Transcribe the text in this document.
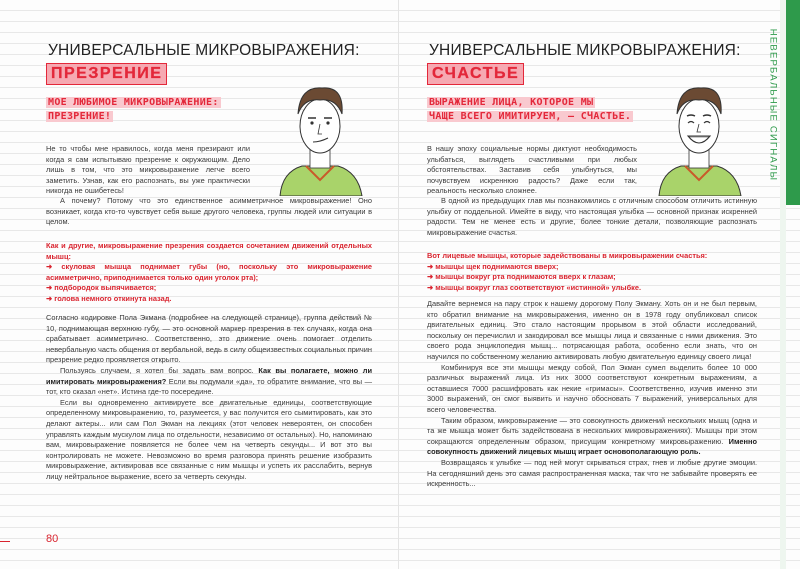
УНИВЕРСАЛЬНЫЕ МИКРОВЫРАЖЕНИЯ:
ПРЕЗРЕНИЕ
МОЕ ЛЮБИМОЕ МИКРОВЫРАЖЕНИЕ:
ПРЕЗРЕНИЕ!

Не то чтобы мне нравилось, когда меня презирают или когда я сам испытываю презрение к окружающим. Дело лишь в том, что это микровыражение легче всего заметить. Узнав, как его распознать, вы уже практически никогда не ошибетесь!

А почему? Потому что это единственное асимметричное микровыражение! Оно возникает, когда кто-то чувствует себя выше другого человека, группы людей или ситуации в целом.

Как и другие, микровыражение презрения создается сочетанием движений отдельных мышц:

➜ скуловая мышца поднимает губы (но, поскольку это микровыражение асимметрично, приподнимается только один уголок рта);

➜ подбородок выпячивается;

➜ голова немного откинута назад.

Согласно кодировке Пола Экмана (подробнее на следующей странице), группа действий № 10, поднимающая верхнюю губу, — это основной маркер презрения в тех случаях, когда она срабатывает асимметрично. Соответственно, это движение очень помогает отделить невербальную часть общения от вербальной, ведь в силу общеизвестных социальных причин презрение редко проявляется открыто.

Пользуясь случаем, я хотел бы задать вам вопрос. Как вы полагаете, можно ли имитировать микровыражения? Если вы подумали «да», то обратите внимание, что вы — тот, кто сказал «нет». Истина где-то посередине.

Если вы одновременно активируете все двигательные единицы, соответствующие определенному микровыражению, то, разумеется, у вас получится его сымитировать, как это делают актеры... или сам Пол Экман на лекциях (этот человек невероятен, он способен управлять каждым мускулом лица по отдельности, независимо от остальных). Но, напоминаю вам, микровыражение появляется не более чем на четверть секунды... И вот это вы контролировать не можете. Невозможно во время разговора принять решение изобразить микровыражение, активировав все связанные с ним мышцы и успеть их расслабить, вернув лицу нейтральное выражение, всего за четверть секунды.

80
УНИВЕРСАЛЬНЫЕ МИКРОВЫРАЖЕНИЯ:
СЧАСТЬЕ
ВЫРАЖЕНИЕ ЛИЦА, КОТОРОЕ МЫ
ЧАЩЕ ВСЕГО ИМИТИРУЕМ, — СЧАСТЬЕ.

В нашу эпоху социальные нормы диктуют необходимость улыбаться, выглядеть счастливыми при любых обстоятельствах. Заставив себя улыбнуться, мы почувствуем искреннюю радость? Даже если так, реальность несколько сложнее.

В одной из предыдущих глав мы познакомились с отличным способом отличить истинную улыбку от поддельной. Имейте в виду, что настоящая улыбка — основной признак искренней радости. Тем не менее есть и другие, более тонкие детали, позволяющие распознать микровыражение счастья.

Вот лицевые мышцы, которые задействованы в микровыражении счастья:

➜ мышцы щек поднимаются вверх;

➜ мышцы вокруг рта поднимаются вверх к глазам;

➜ мышцы вокруг глаз соответствуют «истинной» улыбке.

Давайте вернемся на пару строк к нашему дорогому Полу Экману. Хоть он и не был первым, кто обратил внимание на микровыражения, именно он в 1978 году опубликовал список двигательных единиц. Это стало настоящим прорывом в этой области исследований, поскольку он перечислил и закодировал все мышцы лица и связанные с ними движения. Это своего рода энциклопедия мышц... потрясающая работа, особенно если знать, что он научился по собственному желанию активировать любую двигательную единицу своего лица!

Комбинируя все эти мышцы между собой, Пол Экман сумел выделить более 10 000 различных выражений лица. Из них 3000 соответствуют конкретным выражениям, а оставшиеся 7000 расшифровать как некие «гримасы». Соответственно, изучив именно эти 3000 выражений, он смог выявить и научно обосновать 7 выражений, универсальных для всего человечества.

Таким образом, микровыражение — это совокупность движений нескольких мышц (одна и та же мышца может быть задействована в нескольких микровыражениях). Мышцы при этом сокращаются определенным образом, присущим конкретному микровыражению. Именно совокупность движений лицевых мышц играет основополагающую роль.

Возвращаясь к улыбке — под ней могут скрываться страх, гнев и любые другие эмоции. На сегодняшний день это самая распространенная маска, так что не забывайте проверять ее искренность...

НЕВЕРБАЛЬНЫЕ СИГНАЛЫ
